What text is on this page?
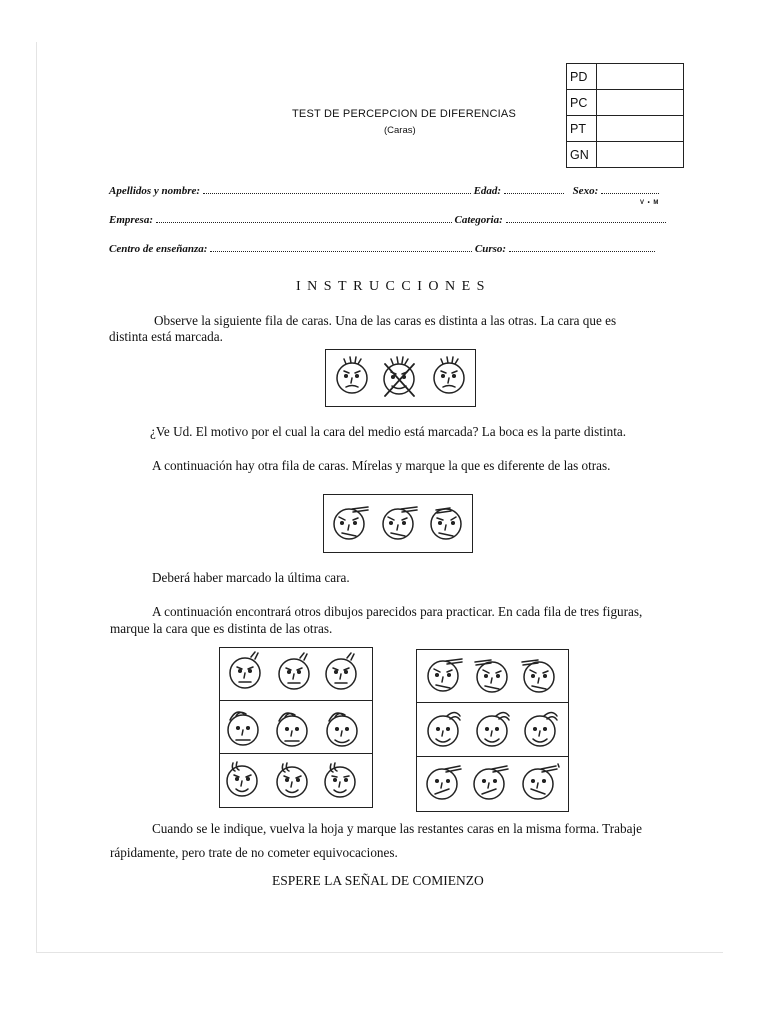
TEST DE PERCEPCION DE DIFERENCIAS
(Caras)
PD	
PC	
PT	
GN	
Apellidos y nombre:	Edad:	Sexo:
V • M
Empresa:	Categoria:
Centro de enseñanza:	Curso:
INSTRUCCIONES
Observe la siguiente fila de caras. Una de las caras es distinta a las otras. La cara que es
distinta está marcada.
¿Ve Ud. El motivo por el cual la cara del medio está marcada? La boca es la parte distinta.
A continuación hay otra fila de caras. Mírelas y marque la que es diferente de las otras.
Deberá haber marcado la última cara.
A continuación encontrará otros dibujos parecidos para practicar. En cada fila de tres figuras,
marque la cara que es distinta de las otras.
Cuando se le indique, vuelva la hoja y marque las restantes caras en la misma forma. Trabaje
rápidamente, pero trate de no cometer equivocaciones.
ESPERE LA SEÑAL DE COMIENZO
